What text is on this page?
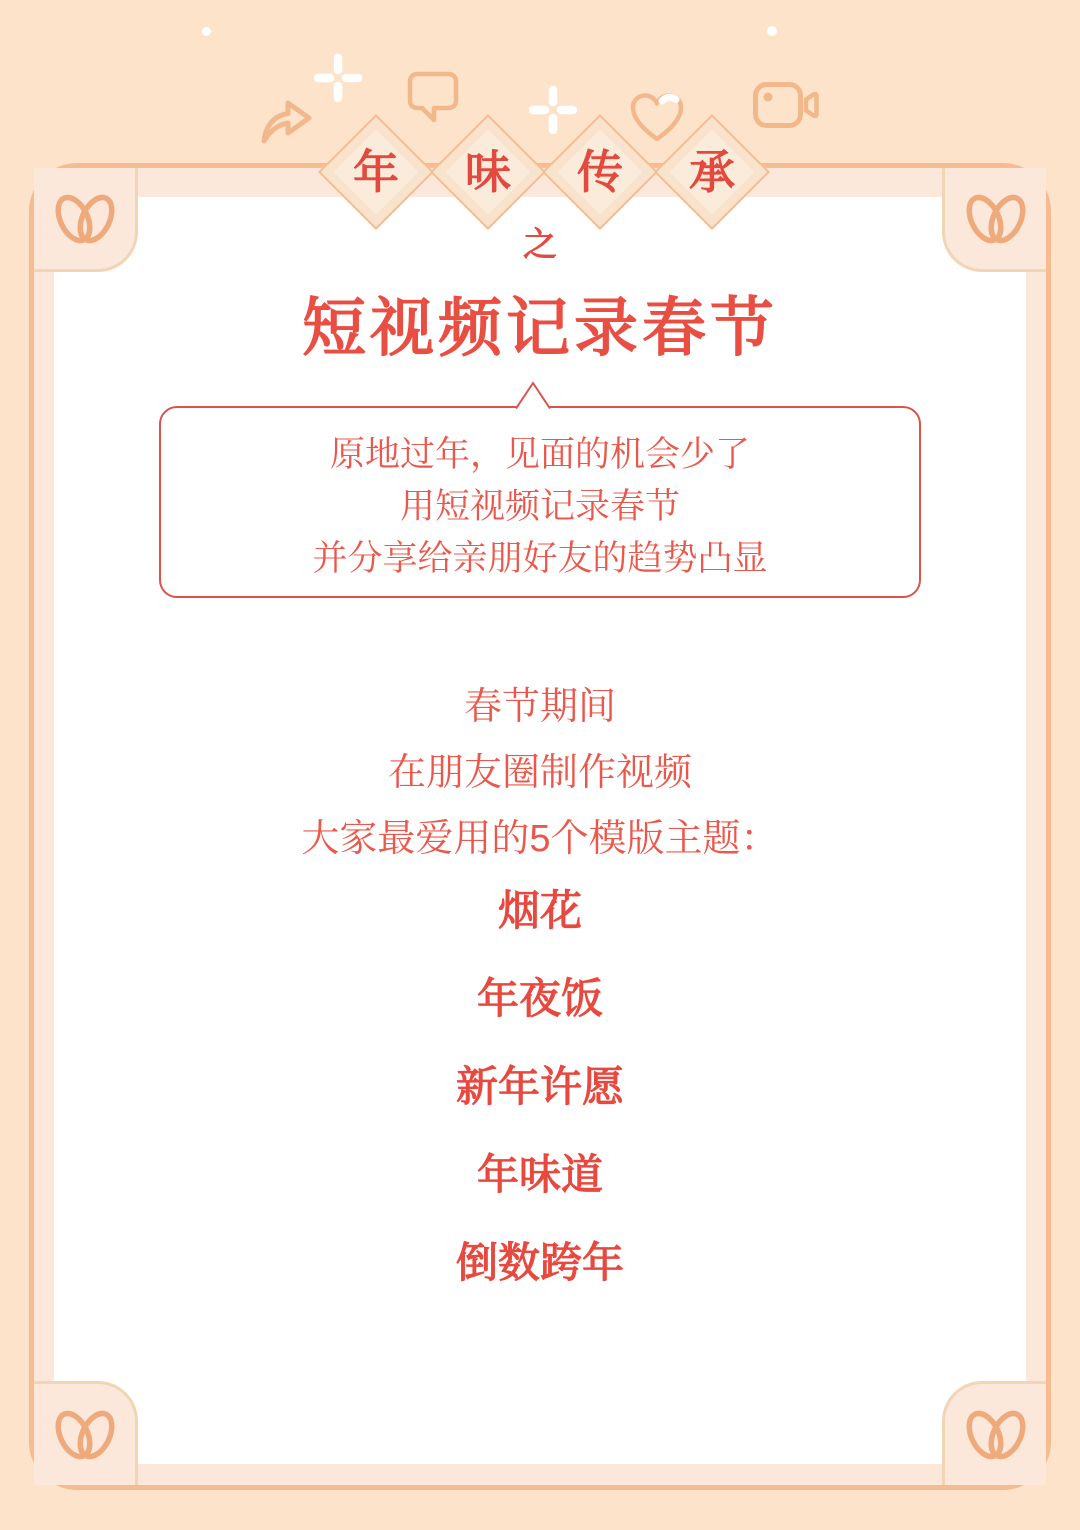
年	味	传	承
之
短视频记录春节
原地过年，见面的机会少了
用短视频记录春节
并分享给亲朋好友的趋势凸显
春节期间
在朋友圈制作视频
大家最爱用的5个模版主题：
烟花
年夜饭
新年许愿
年味道
倒数跨年
